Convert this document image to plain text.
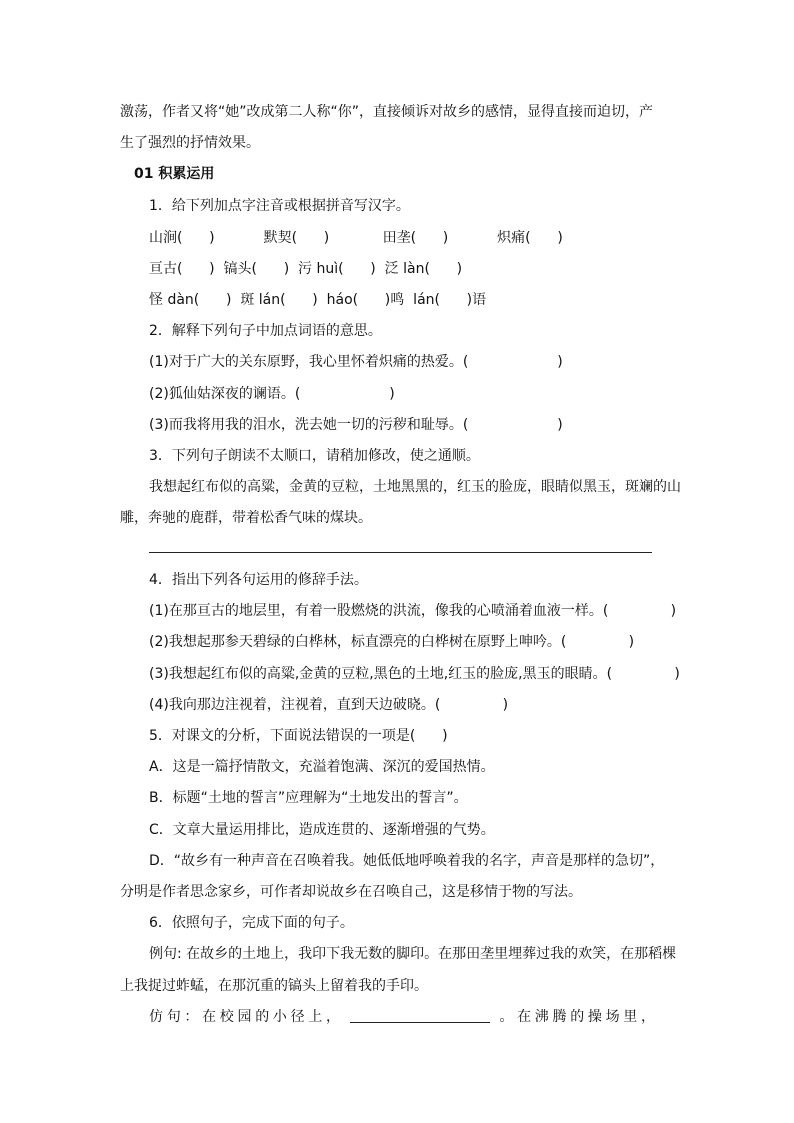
激荡，作者又将“她”改成第二人称“你”，直接倾诉对故乡的感情，显得直接而迫切，产
生了强烈的抒情效果。
01 积累运用
1．给下列加点字注音或根据拼音写汉字。
山涧(      )           默契(      )            田垄(      )           炽痛(      )
亘古(      )  镐头(      )  污 huì(      )  泛 làn(      )
怪 dàn(      )  斑 lán(      )  háo(      )鸣  lán(      )语
2．解释下列句子中加点词语的意思。
(1)对于广大的关东原野，我心里怀着炽痛的热爱。(                    )
(2)狐仙姑深夜的谰语。(                    )
(3)而我将用我的泪水，洗去她一切的污秽和耻辱。(                    )
3．下列句子朗读不太顺口，请稍加修改，使之通顺。
我想起红布似的高粱，金黄的豆粒，土地黑黑的，红玉的脸庞，眼睛似黑玉，斑斓的山
雕，奔驰的鹿群，带着松香气味的煤块。
4．指出下列各句运用的修辞手法。
(1)在那亘古的地层里，有着一股燃烧的洪流，像我的心喷涌着血液一样。(              )
(2)我想起那参天碧绿的白桦林，标直漂亮的白桦树在原野上呻吟。(              )
(3)我想起红布似的高粱,金黄的豆粒,黑色的土地,红玉的脸庞,黑玉的眼睛。(              )
(4)我向那边注视着，注视着，直到天边破晓。(              )
5．对课文的分析，下面说法错误的一项是(      )
A．这是一篇抒情散文，充溢着饱满、深沉的爱国热情。
B．标题“土地的誓言”应理解为“土地发出的誓言”。
C．文章大量运用排比，造成连贯的、逐渐增强的气势。
D．“故乡有一种声音在召唤着我。她低低地呼唤着我的名字，声音是那样的急切”，
分明是作者思念家乡，可作者却说故乡在召唤自己，这是移情于物的写法。
6．依照句子，完成下面的句子。
例句: 在故乡的土地上，我印下我无数的脚印。在那田垄里埋葬过我的欢笑，在那稻棵
上我捉过蚱蜢，在那沉重的镐头上留着我的手印。
仿句：在校园的小径上，	。在沸腾的操场里，
